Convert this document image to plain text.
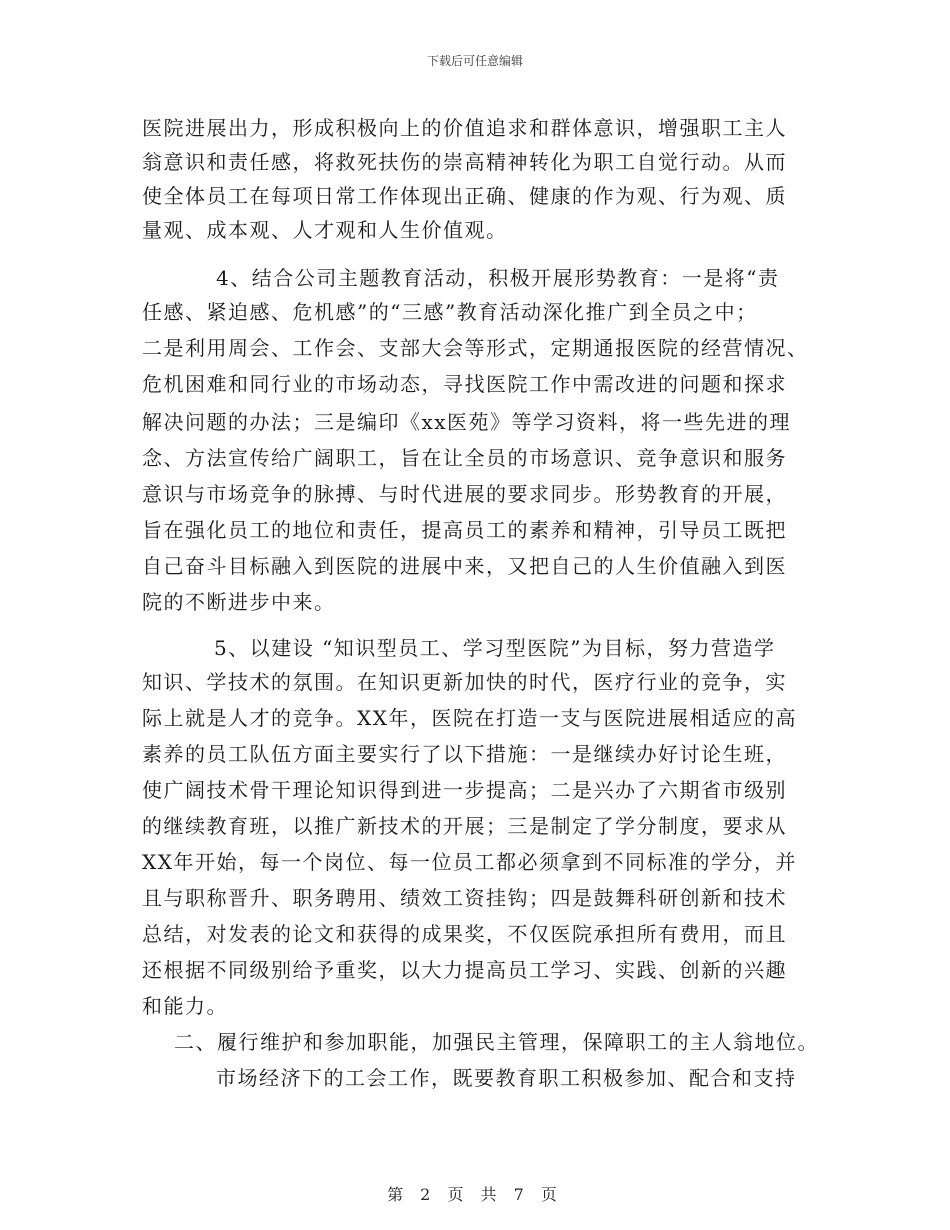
下载后可任意编辑
医院进展出力，形成积极向上的价值追求和群体意识，增强职工主人
翁意识和责任感，将救死扶伤的崇高精神转化为职工自觉行动。从而
使全体员工在每项日常工作体现出正确、健康的作为观、行为观、质
量观、成本观、人才观和人生价值观。
4、结合公司主题教育活动，积极开展形势教育：一是将“责
任感、紧迫感、危机感”的“三感”教育活动深化推广到全员之中；
二是利用周会、工作会、支部大会等形式，定期通报医院的经营情况、
危机困难和同行业的市场动态，寻找医院工作中需改进的问题和探求
解决问题的办法；三是编印《xx医苑》等学习资料，将一些先进的理
念、方法宣传给广阔职工，旨在让全员的市场意识、竞争意识和服务
意识与市场竞争的脉搏、与时代进展的要求同步。形势教育的开展，
旨在强化员工的地位和责任，提高员工的素养和精神，引导员工既把
自己奋斗目标融入到医院的进展中来，又把自己的人生价值融入到医
院的不断进步中来。
5、以建设 “知识型员工、学习型医院”为目标，努力营造学
知识、学技术的氛围。在知识更新加快的时代，医疗行业的竞争，实
际上就是人才的竞争。XX年，医院在打造一支与医院进展相适应的高
素养的员工队伍方面主要实行了以下措施：一是继续办好讨论生班，
使广阔技术骨干理论知识得到进一步提高；二是兴办了六期省市级别
的继续教育班，以推广新技术的开展；三是制定了学分制度，要求从
XX年开始，每一个岗位、每一位员工都必须拿到不同标准的学分，并
且与职称晋升、职务聘用、绩效工资挂钩；四是鼓舞科研创新和技术
总结，对发表的论文和获得的成果奖，不仅医院承担所有费用，而且
还根据不同级别给予重奖，以大力提高员工学习、实践、创新的兴趣
和能力。
二、履行维护和参加职能，加强民主管理，保障职工的主人翁地位。
市场经济下的工会工作，既要教育职工积极参加、配合和支持
第 2 页 共 7 页
